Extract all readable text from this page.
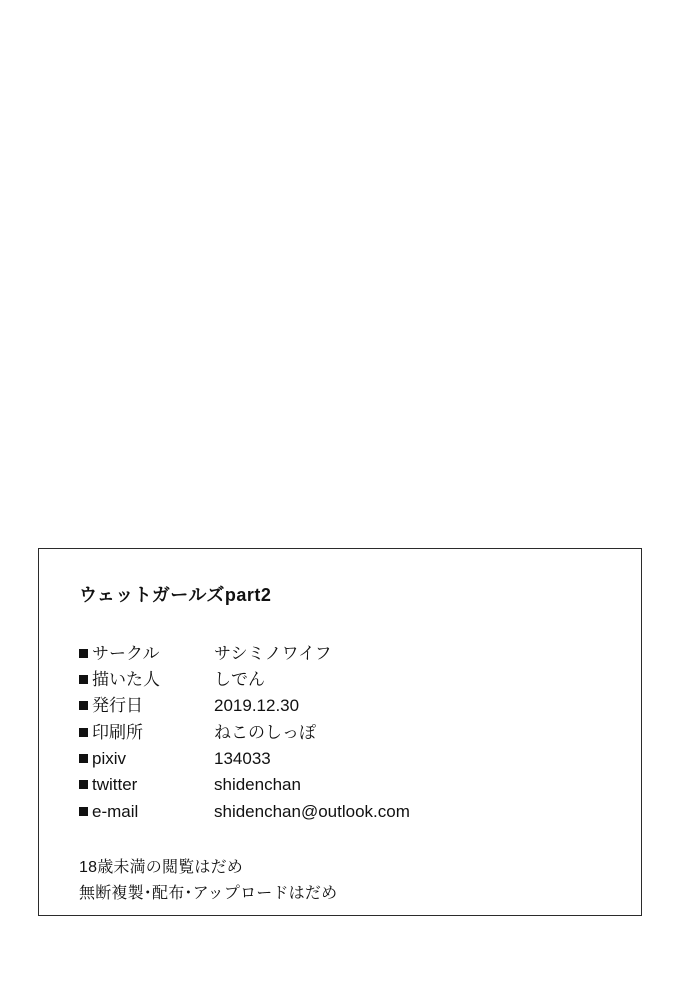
ウェットガールズpart2
サークル	サシミノワイフ
描いた人	しでん
発行日	2019.12.30
印刷所	ねこのしっぽ
pixiv	134033
twitter	shidenchan
e-mail	shidenchan@outlook.com
18歳未満の閲覧はだめ
無断複製･配布･アップロードはだめ
